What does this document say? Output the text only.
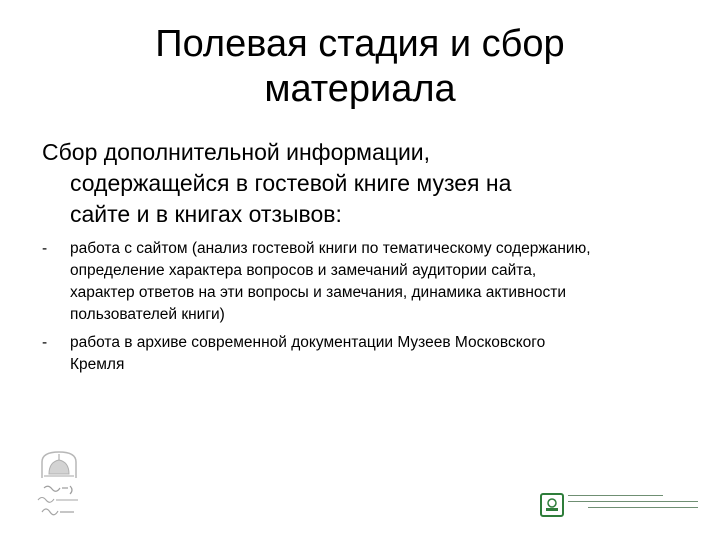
Полевая стадия и сбор
материала
Сбор дополнительной информации,
содержащейся в гостевой книге музея на
сайте и в книгах отзывов:
- работа с сайтом (анализ гостевой книги по тематическому содержанию,
определение характера вопросов и замечаний аудитории сайта,
характер ответов на эти вопросы и замечания, динамика активности
пользователей книги)
- работа в архиве современной документации Музеев Московского
Кремля
